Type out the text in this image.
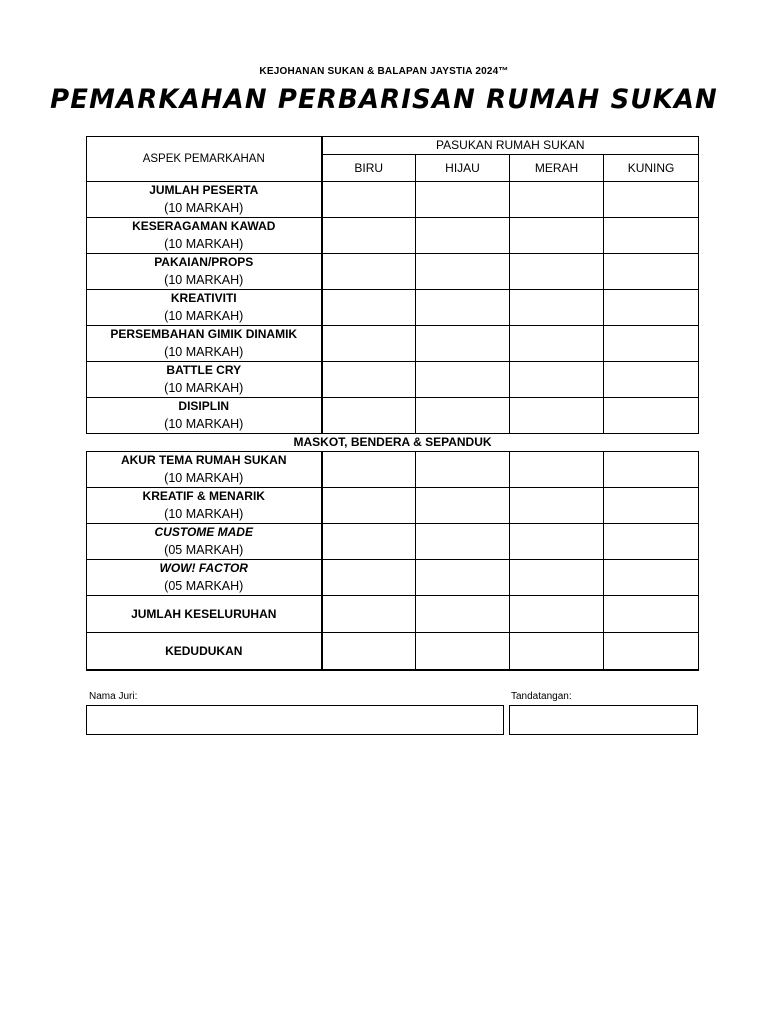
KEJOHANAN SUKAN & BALAPAN JAYSTIA 2024™
PEMARKAHAN PERBARISAN RUMAH SUKAN
ASPEK PEMARKAHAN	PASUKAN RUMAH SUKAN			
	BIRU	HIJAU	MERAH	KUNING

JUMLAH PESERTA
(10 MARKAH)				

KESERAGAMAN KAWAD
(10 MARKAH)				

PAKAIAN/PROPS
(10 MARKAH)				

KREATIVITI
(10 MARKAH)				

PERSEMBAHAN GIMIK DINAMIK
(10 MARKAH)				

BATTLE CRY
(10 MARKAH)				

DISIPLIN
(10 MARKAH)				

MASKOT, BENDERA & SEPANDUK				

AKUR TEMA RUMAH SUKAN
(10 MARKAH)				

KREATIF & MENARIK
(10 MARKAH)				

CUSTOME MADE
(05 MARKAH)				

WOW! FACTOR
(05 MARKAH)				

JUMLAH KESELURUHAN				
KEDUDUKAN				
Nama Juri:	Tandatangan:
